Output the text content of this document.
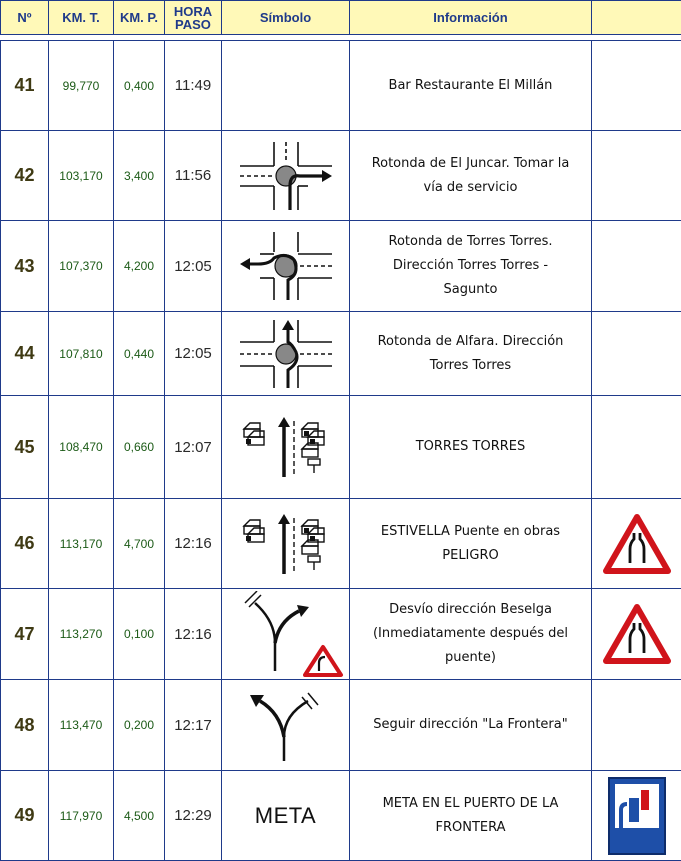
Nº	KM. T.	KM. P.	HORA
PASO	Símbolo	Información	

41	99,770	0,400	11:49		Bar Restaurante El Millán	
42	103,170	3,400	11:56		Rotonda de El Juncar. Tomar la
vía de servicio	
43	107,370	4,200	12:05		Rotonda de Torres Torres.
Dirección Torres Torres -
Sagunto	
44	107,810	0,440	12:05		Rotonda de Alfara. Dirección
Torres Torres	
45	108,470	0,660	12:07		TORRES TORRES	
46	113,170	4,700	12:16		ESTIVELLA Puente en obras
PELIGRO	

47	113,270	0,100	12:16		Desvío dirección Beselga
(Inmediatamente después del
puente)	

48	113,470	0,200	12:17		Seguir dirección "La Frontera"	
49	117,970	4,500	12:29	META	META EN EL PUERTO DE LA
FRONTERA	
